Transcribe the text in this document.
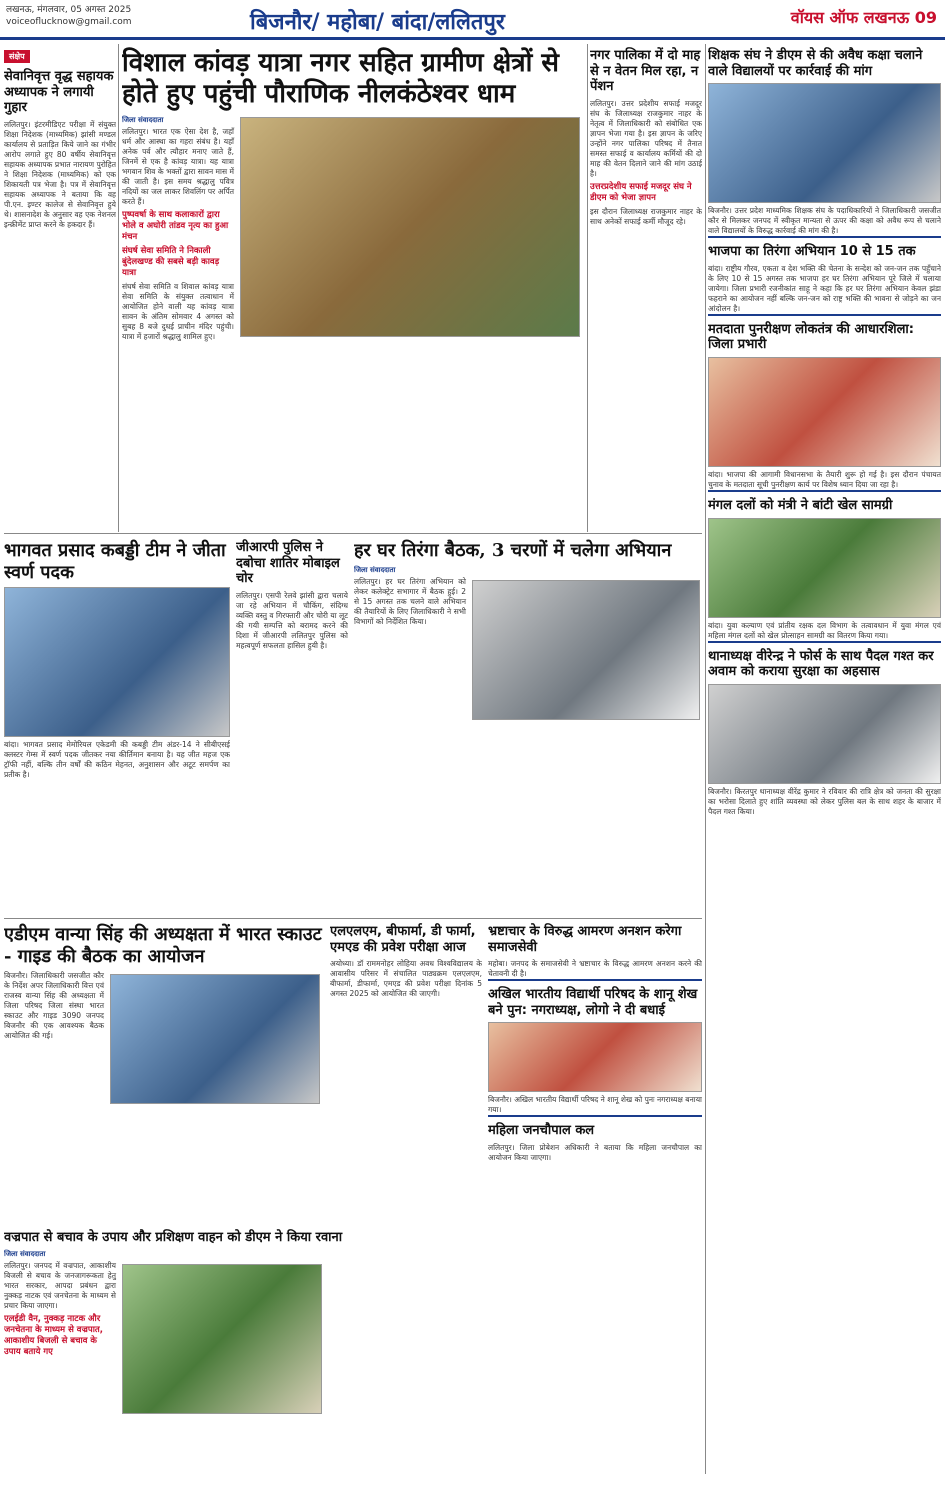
लखनऊ, मंगलवार, 05 अगस्त 2025
voiceoflucknow@gmail.com	बिजनौर/ महोबा/ बांदा/ललितपुर	वॉयस ऑफ लखनऊ 09
संक्षेप
सेवानिवृत्त वृद्ध सहायक अध्यापक ने लगायी गुहार
ललितपुर। इंटरमीडिएट परीक्षा में संयुक्त शिक्षा निदेशक (माध्यमिक) झांसी मण्डल कार्यालय से प्रताड़ित किये जाने का गंभीर आरोप लगाते हुए 80 वर्षीय सेवानिवृत्त सहायक अध्यापक प्रभात नारायण पुरोहित ने शिक्षा निदेशक (माध्यमिक) को एक शिकायती पत्र भेजा है। पत्र में सेवानिवृत्त सहायक अध्यापक ने बताया कि वह पी.एन. इण्टर कालेज से सेवानिवृत्त हुये थे। शासनादेश के अनुसार वह एक नेशनल इन्क्रीमेंट प्राप्त करने के हकदार हैं।
विशाल कांवड़ यात्रा नगर सहित ग्रामीण क्षेत्रों से होते हुए पहुंची पौराणिक नीलकंठेश्वर धाम
जिला संवाददाता
ललितपुर। भारत एक ऐसा देश है, जहाँ धर्म और आस्था का गहरा संबंध है। यहाँ अनेक पर्व और त्यौहार मनाए जाते हैं, जिनमें से एक है कांवड़ यात्रा। यह यात्रा भगवान शिव के भक्तों द्वारा सावन मास में की जाती है। इस समय श्रद्धालु पवित्र नदियों का जल लाकर शिवलिंग पर अर्पित करते हैं।
पुष्पवर्षा के साथ कलाकारों द्वारा भोले व अघोरी तांडव नृत्य का हुआ मंचन
संघर्ष सेवा समिति ने निकाली बुंदेलखण्ड की सबसे बड़ी कावड़ यात्रा
संघर्ष सेवा समिति व शिवाल कांवड़ यात्रा सेवा समिति के संयुक्त तत्वाधान में आयोजित होने वाली यह कांवड़ यात्रा सावन के अंतिम सोमवार 4 अगस्त को सुबह 8 बजे दुधई प्राचीन मंदिर पहुंची। यात्रा में हजारों श्रद्धालु शामिल हुए।
नगर पालिका में दो माह से न वेतन मिल रहा, न पेंशन
ललितपुर। उत्तर प्रदेशीय सफाई मजदूर संघ के जिलाध्यक्ष राजकुमार नाहर के नेतृत्व में जिलाधिकारी को संबोधित एक ज्ञापन भेजा गया है। इस ज्ञापन के जरिए उन्होंने नगर पालिका परिषद में तैनात समस्त सफाई व कार्यालय कर्मियों की दो माह की वेतन दिलाने जाने की मांग उठाई है।
उत्तरप्रदेशीय सफाई मजदूर संघ ने डीएम को भेजा ज्ञापन
इस दौरान जिलाध्यक्ष राजकुमार नाहर के साथ अनेकों सफाई कर्मी मौजूद रहे।
शिक्षक संघ ने डीएम से की अवैध कक्षा चलाने वाले विद्यालयों पर कार्रवाई की मांग
बिजनौर। उत्तर प्रदेश माध्यमिक शिक्षक संघ के पदाधिकारियों ने जिलाधिकारी जसजीत कौर से मिलकर जनपद में स्वीकृत मान्यता से ऊपर की कक्षा को अवैध रूप से चलाने वाले विद्यालयों के विरुद्ध कार्रवाई की मांग की है।
भाजपा का तिरंगा अभियान 10 से 15 तक
बांदा। राष्ट्रीय गौरव, एकता व देश भक्ति की चेतना के सन्देश को जन-जन तक पहुँचाने के लिए 10 से 15 अगस्त तक भाजपा हर घर तिरंगा अभियान पूरे जिले में चलाया जायेगा। जिला प्रभारी रजनीकांत साहू ने कहा कि हर घर तिरंगा अभियान केवल झंडा फहराने का आयोजन नहीं बल्कि जन-जन को राष्ट्र भक्ति की भावना से जोड़ने का जन आंदोलन है।
मतदाता पुनरीक्षण लोकतंत्र की आधारशिला: जिला प्रभारी
बांदा। भाजपा की आगामी विधानसभा के तैयारी शुरू हो गई है। इस दौरान पंचायत चुनाव के मतदाता सूची पुनरीक्षण कार्य पर विशेष ध्यान दिया जा रहा है।
मंगल दलों को मंत्री ने बांटी खेल सामग्री
बांदा। युवा कल्याण एवं प्रांतीय रक्षक दल विभाग के तत्वावधान में युवा मंगल एवं महिला मंगल दलों को खेल प्रोत्साहन सामग्री का वितरण किया गया।
थानाध्यक्ष वीरेन्द्र ने फोर्स के साथ पैदल गश्त कर अवाम को कराया सुरक्षा का अहसास
बिजनौर। किरतपुर थानाध्यक्ष वीरेंद्र कुमार ने रविवार की रात्रि क्षेत्र को जनता की सुरक्षा का भरोसा दिलाते हुए शांति व्यवस्था को लेकर पुलिस बल के साथ शहर के बाजार में पैदल गश्त किया।
भागवत प्रसाद कबड्डी टीम ने जीता स्वर्ण पदक
बांदा। भागवत प्रसाद मेमोरियल एकेडमी की कबड्डी टीम अंडर-14 ने सीबीएसई क्लस्टर गेम्स में स्वर्ण पदक जीतकर नया कीर्तिमान बनाया है। यह जीत महज एक ट्रॉफी नहीं, बल्कि तीन वर्षों की कठिन मेहनत, अनुशासन और अटूट समर्पण का प्रतीक है।
जीआरपी पुलिस ने दबोचा शातिर मोबाइल चोर
ललितपुर। एसपी रेलवे झांसी द्वारा चलाये जा रहे अभियान में चौकिंग, संदिग्ध व्यक्ति वस्तु व गिरफ्तारी और चोरी या लूट की गयी सम्पत्ति को बरामद करने की दिशा में जीआरपी ललितपुर पुलिस को महत्वपूर्ण सफलता हासिल हुयी है।
हर घर तिरंगा बैठक, 3 चरणों में चलेगा अभियान
जिला संवाददाता
ललितपुर। हर घर तिरंगा अभियान को लेकर कलेक्ट्रेट सभागार में बैठक हुई। 2 से 15 अगस्त तक चलने वाले अभियान की तैयारियों के लिए जिलाधिकारी ने सभी विभागों को निर्देशित किया।
एडीएम वान्या सिंह की अध्यक्षता में भारत स्काउट - गाइड की बैठक का आयोजन
बिजनौर। जिलाधिकारी जसजीत कौर के निर्देश अपर जिलाधिकारी वित्त एवं राजस्व वान्या सिंह की अध्यक्षता में जिला परिषद जिला संस्था भारत स्काउट और गाइड 3090 जनपद बिजनौर की एक आवश्यक बैठक आयोजित की गई।
एलएलएम, बीफार्मा, डी फार्मा, एमएड की प्रवेश परीक्षा आज
अयोध्या। डॉ राममनोहर लोहिया अवध विश्वविद्यालय के आवासीय परिसर में संचालित पाठ्यक्रम एलएलएम, बीफार्मा, डीफार्मा, एमएड की प्रवेश परीक्षा दिनांक 5 अगस्त 2025 को आयोजित की जाएगी।
भ्रष्टाचार के विरुद्ध आमरण अनशन करेगा समाजसेवी
महोबा। जनपद के समाजसेवी ने भ्रष्टाचार के विरुद्ध आमरण अनशन करने की चेतावनी दी है।
अखिल भारतीय विद्यार्थी परिषद के शानू शेख बने पुन: नगराध्यक्ष, लोगो ने दी बधाई
बिजनौर। अखिल भारतीय विद्यार्थी परिषद ने शानू शेख को पुनः नगराध्यक्ष बनाया गया।
महिला जनचौपाल कल
ललितपुर। जिला प्रोबेशन अधिकारी ने बताया कि महिला जनचौपाल का आयोजन किया जाएगा।
वज्रपात से बचाव के उपाय और प्रशिक्षण वाहन को डीएम ने किया रवाना
जिला संवाददाता
ललितपुर। जनपद में वज्रपात, आकाशीय बिजली से बचाव के जनजागरूकता हेतु भारत सरकार, आपदा प्रबंधन द्वारा नुक्कड़ नाटक एवं जनचेतना के माध्यम से प्रचार किया जाएगा।
एलईडी वैन, नुक्कड़ नाटक और जनचेतना के माध्यम से वज्रपात, आकाशीय बिजली से बचाव के उपाय बताये गए
